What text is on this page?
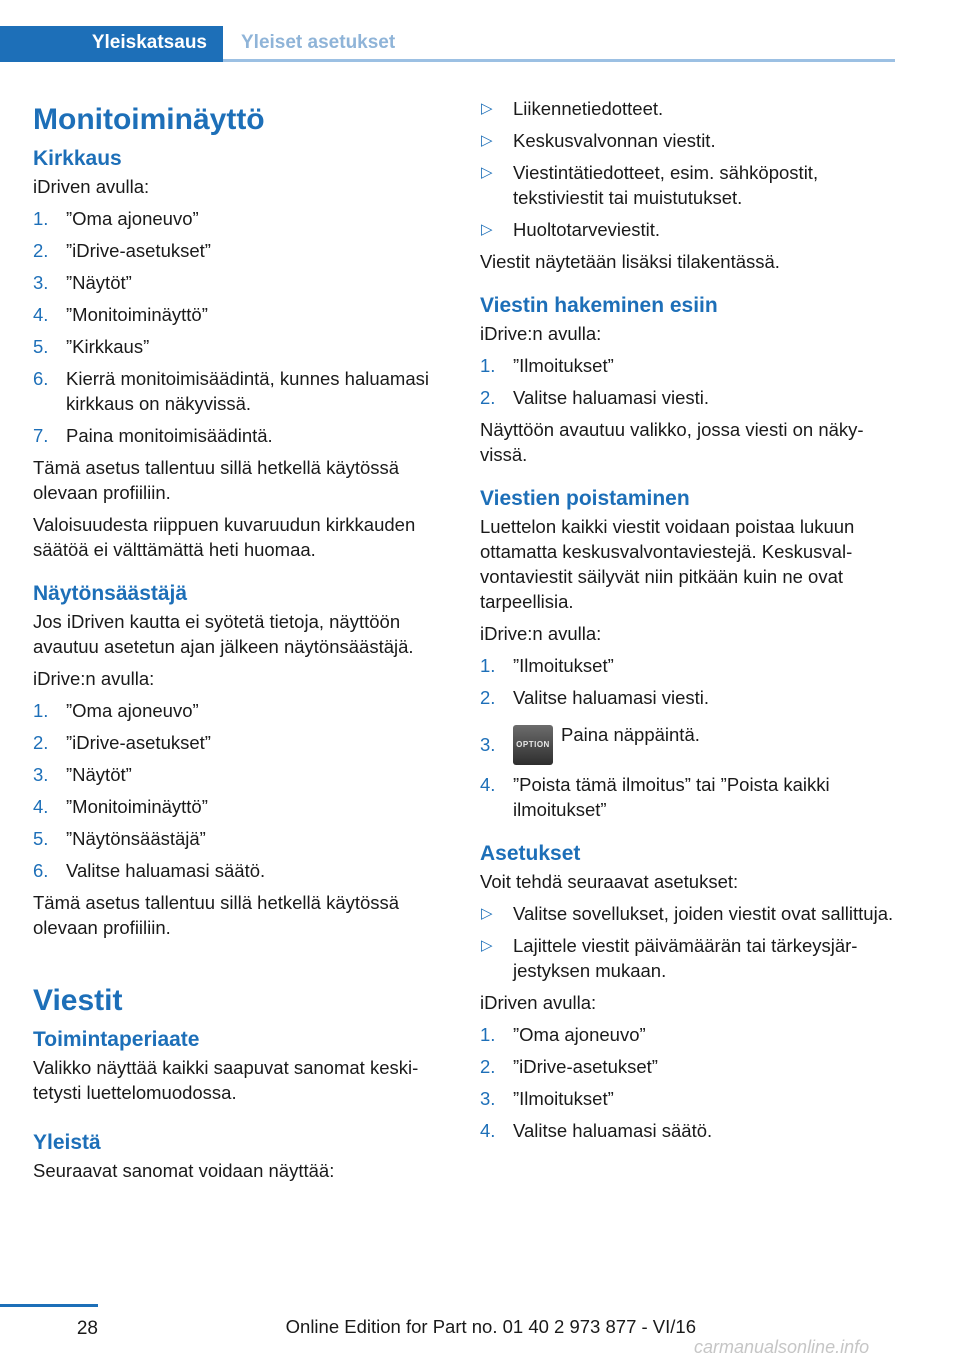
Yleiskatsaus	Yleiset asetukset
Monitoiminäyttö
Kirkkaus

iDriven avulla:

1. ”Oma ajoneuvo”
2. ”iDrive-asetukset”
3. ”Näytöt”
4. ”Monitoiminäyttö”
5. ”Kirkkaus”
6. Kierrä monitoimisäädintä, kunnes haluamasi kirkkaus on näkyvissä.
7. Paina monitoimisäädintä.

Tämä asetus tallentuu sillä hetkellä käytössä olevaan profiiliin.

Valoisuudesta riippuen kuvaruudun kirkkauden säätöä ei välttämättä heti huomaa.

Näytönsäästäjä

Jos iDriven kautta ei syötetä tietoja, näyttöön avautuu asetetun ajan jälkeen näytönsäästäjä.

iDrive:n avulla:

1. ”Oma ajoneuvo”
2. ”iDrive-asetukset”
3. ”Näytöt”
4. ”Monitoiminäyttö”
5. ”Näytönsäästäjä”
6. Valitse haluamasi säätö.

Tämä asetus tallentuu sillä hetkellä käytössä olevaan profiiliin.

Viestit
Toimintaperiaate

Valikko näyttää kaikki saapuvat sanomat keskitetysti luettelomuodossa.

Yleistä

Seuraavat sanomat voidaan näyttää:

▷ Liikennetiedotteet.
▷ Keskusvalvonnan viestit.
▷ Viestintätiedotteet, esim. sähköpostit, tekstiviestit tai muistutukset.
▷ Huoltotarveviestit.

Viestit näytetään lisäksi tilakentässä.

Viestin hakeminen esiin

iDrive:n avulla:

1. ”Ilmoitukset”
2. Valitse haluamasi viesti.

Näyttöön avautuu valikko, jossa viesti on näkyvissä.

Viestien poistaminen

Luettelon kaikki viestit voidaan poistaa lukuun ottamatta keskusvalvontaviestejä. Keskusvalvontaviestit säilyvät niin pitkään kuin ne ovat tarpeellisia.

iDrive:n avulla:

1. ”Ilmoitukset”
2. Valitse haluamasi viesti.
3.	OPTION Paina näppäintä.
4. ”Poista tämä ilmoitus” tai ”Poista kaikki ilmoitukset”
Asetukset

Voit tehdä seuraavat asetukset:

▷ Valitse sovellukset, joiden viestit ovat sallittuja.
▷ Lajittele viestit päivämäärän tai tärkeysjärjestyksen mukaan.

iDriven avulla:

1. ”Oma ajoneuvo”
2. ”iDrive-asetukset”
3. ”Ilmoitukset”
4. Valitse haluamasi säätö.
28	Online Edition for Part no. 01 40 2 973 877 - VI/16
carmanualsonline.info
